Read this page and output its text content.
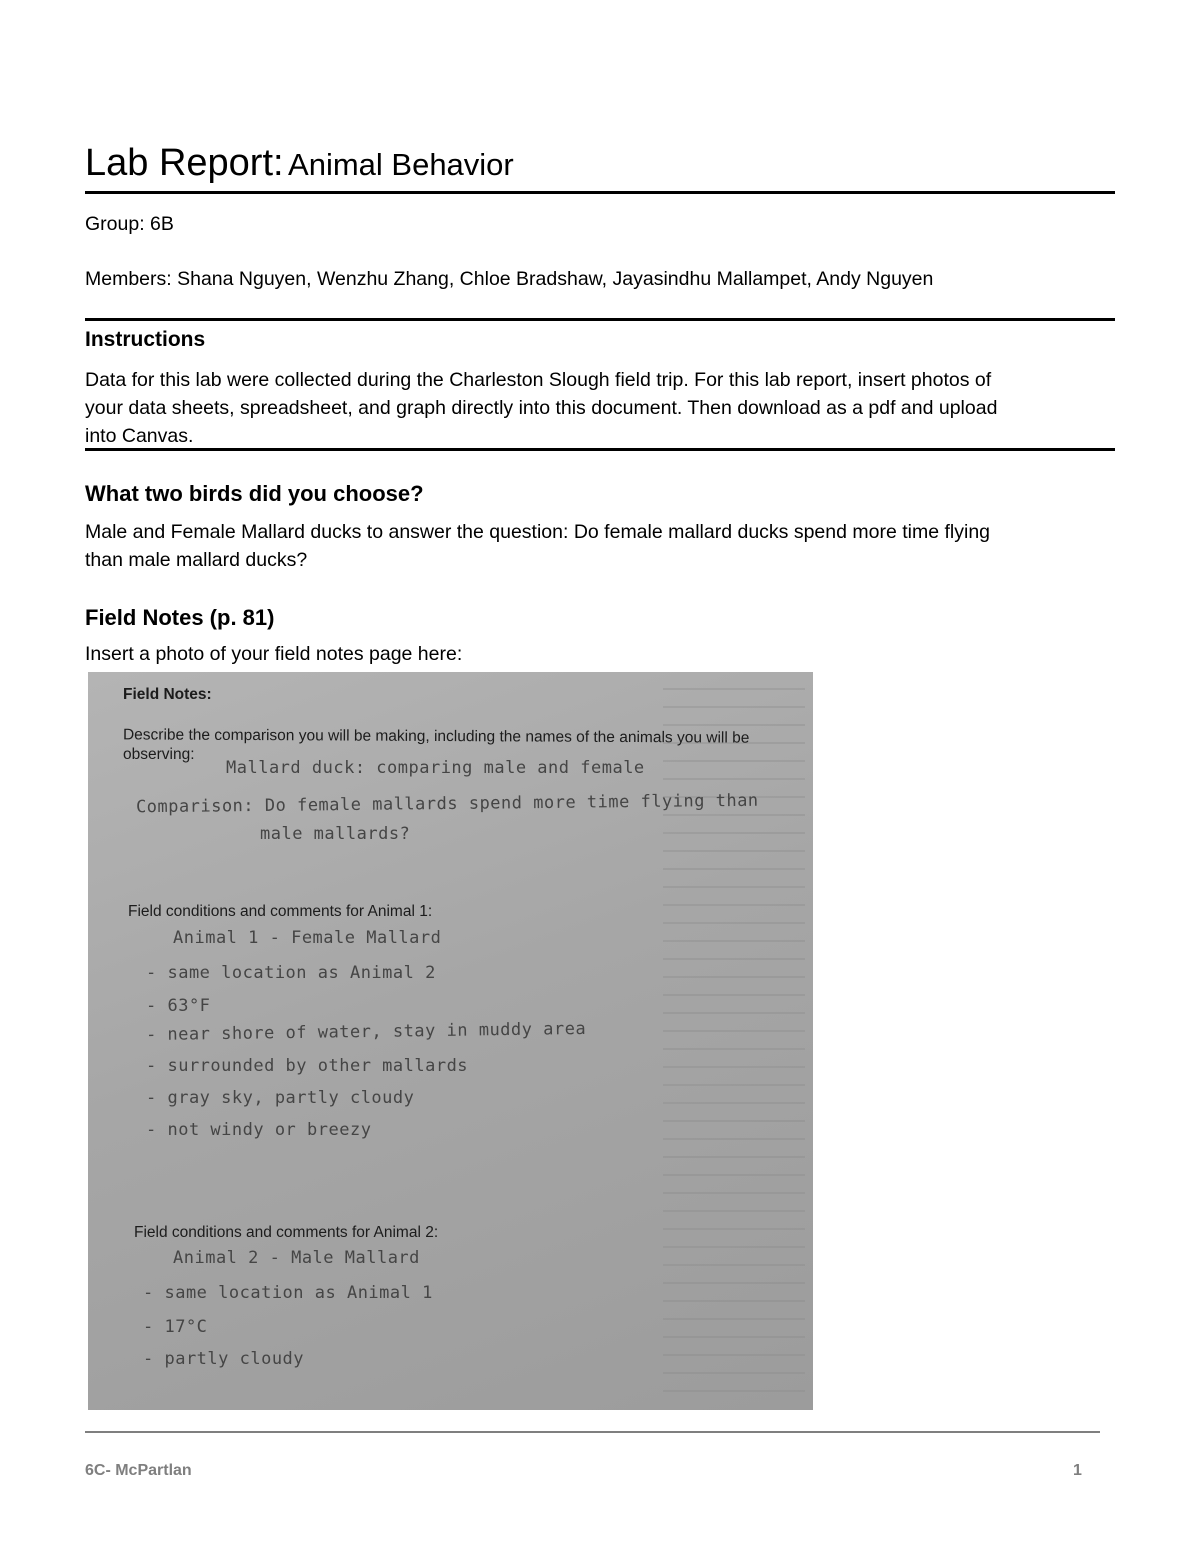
Lab Report: Animal Behavior
Group: 6B
Members: Shana Nguyen, Wenzhu Zhang, Chloe Bradshaw, Jayasindhu Mallampet, Andy Nguyen
Instructions
Data for this lab were collected during the Charleston Slough field trip. For this lab report, insert photos of
your data sheets, spreadsheet, and graph directly into this document. Then download as a pdf and upload
into Canvas.
What two birds did you choose?
Male and Female Mallard ducks to answer the question: Do female mallard ducks spend more time flying
than male mallard ducks?
Field Notes (p. 81)
Insert a photo of your field notes page here:
Field Notes:
Describe the comparison you will be making, including the names of the animals you will be
observing:
Mallard duck: comparing male and female
Comparison: Do female mallards spend more time flying than
male mallards?
Field conditions and comments for Animal 1:
Animal 1 - Female Mallard
- same location as Animal 2
- 63°F
- near shore of water, stay in muddy area
- surrounded by other mallards
- gray sky, partly cloudy
- not windy or breezy
Field conditions and comments for Animal 2:
Animal 2 - Male Mallard
- same location as Animal 1
- 17°C
- partly cloudy
6C- McPartlan	1
